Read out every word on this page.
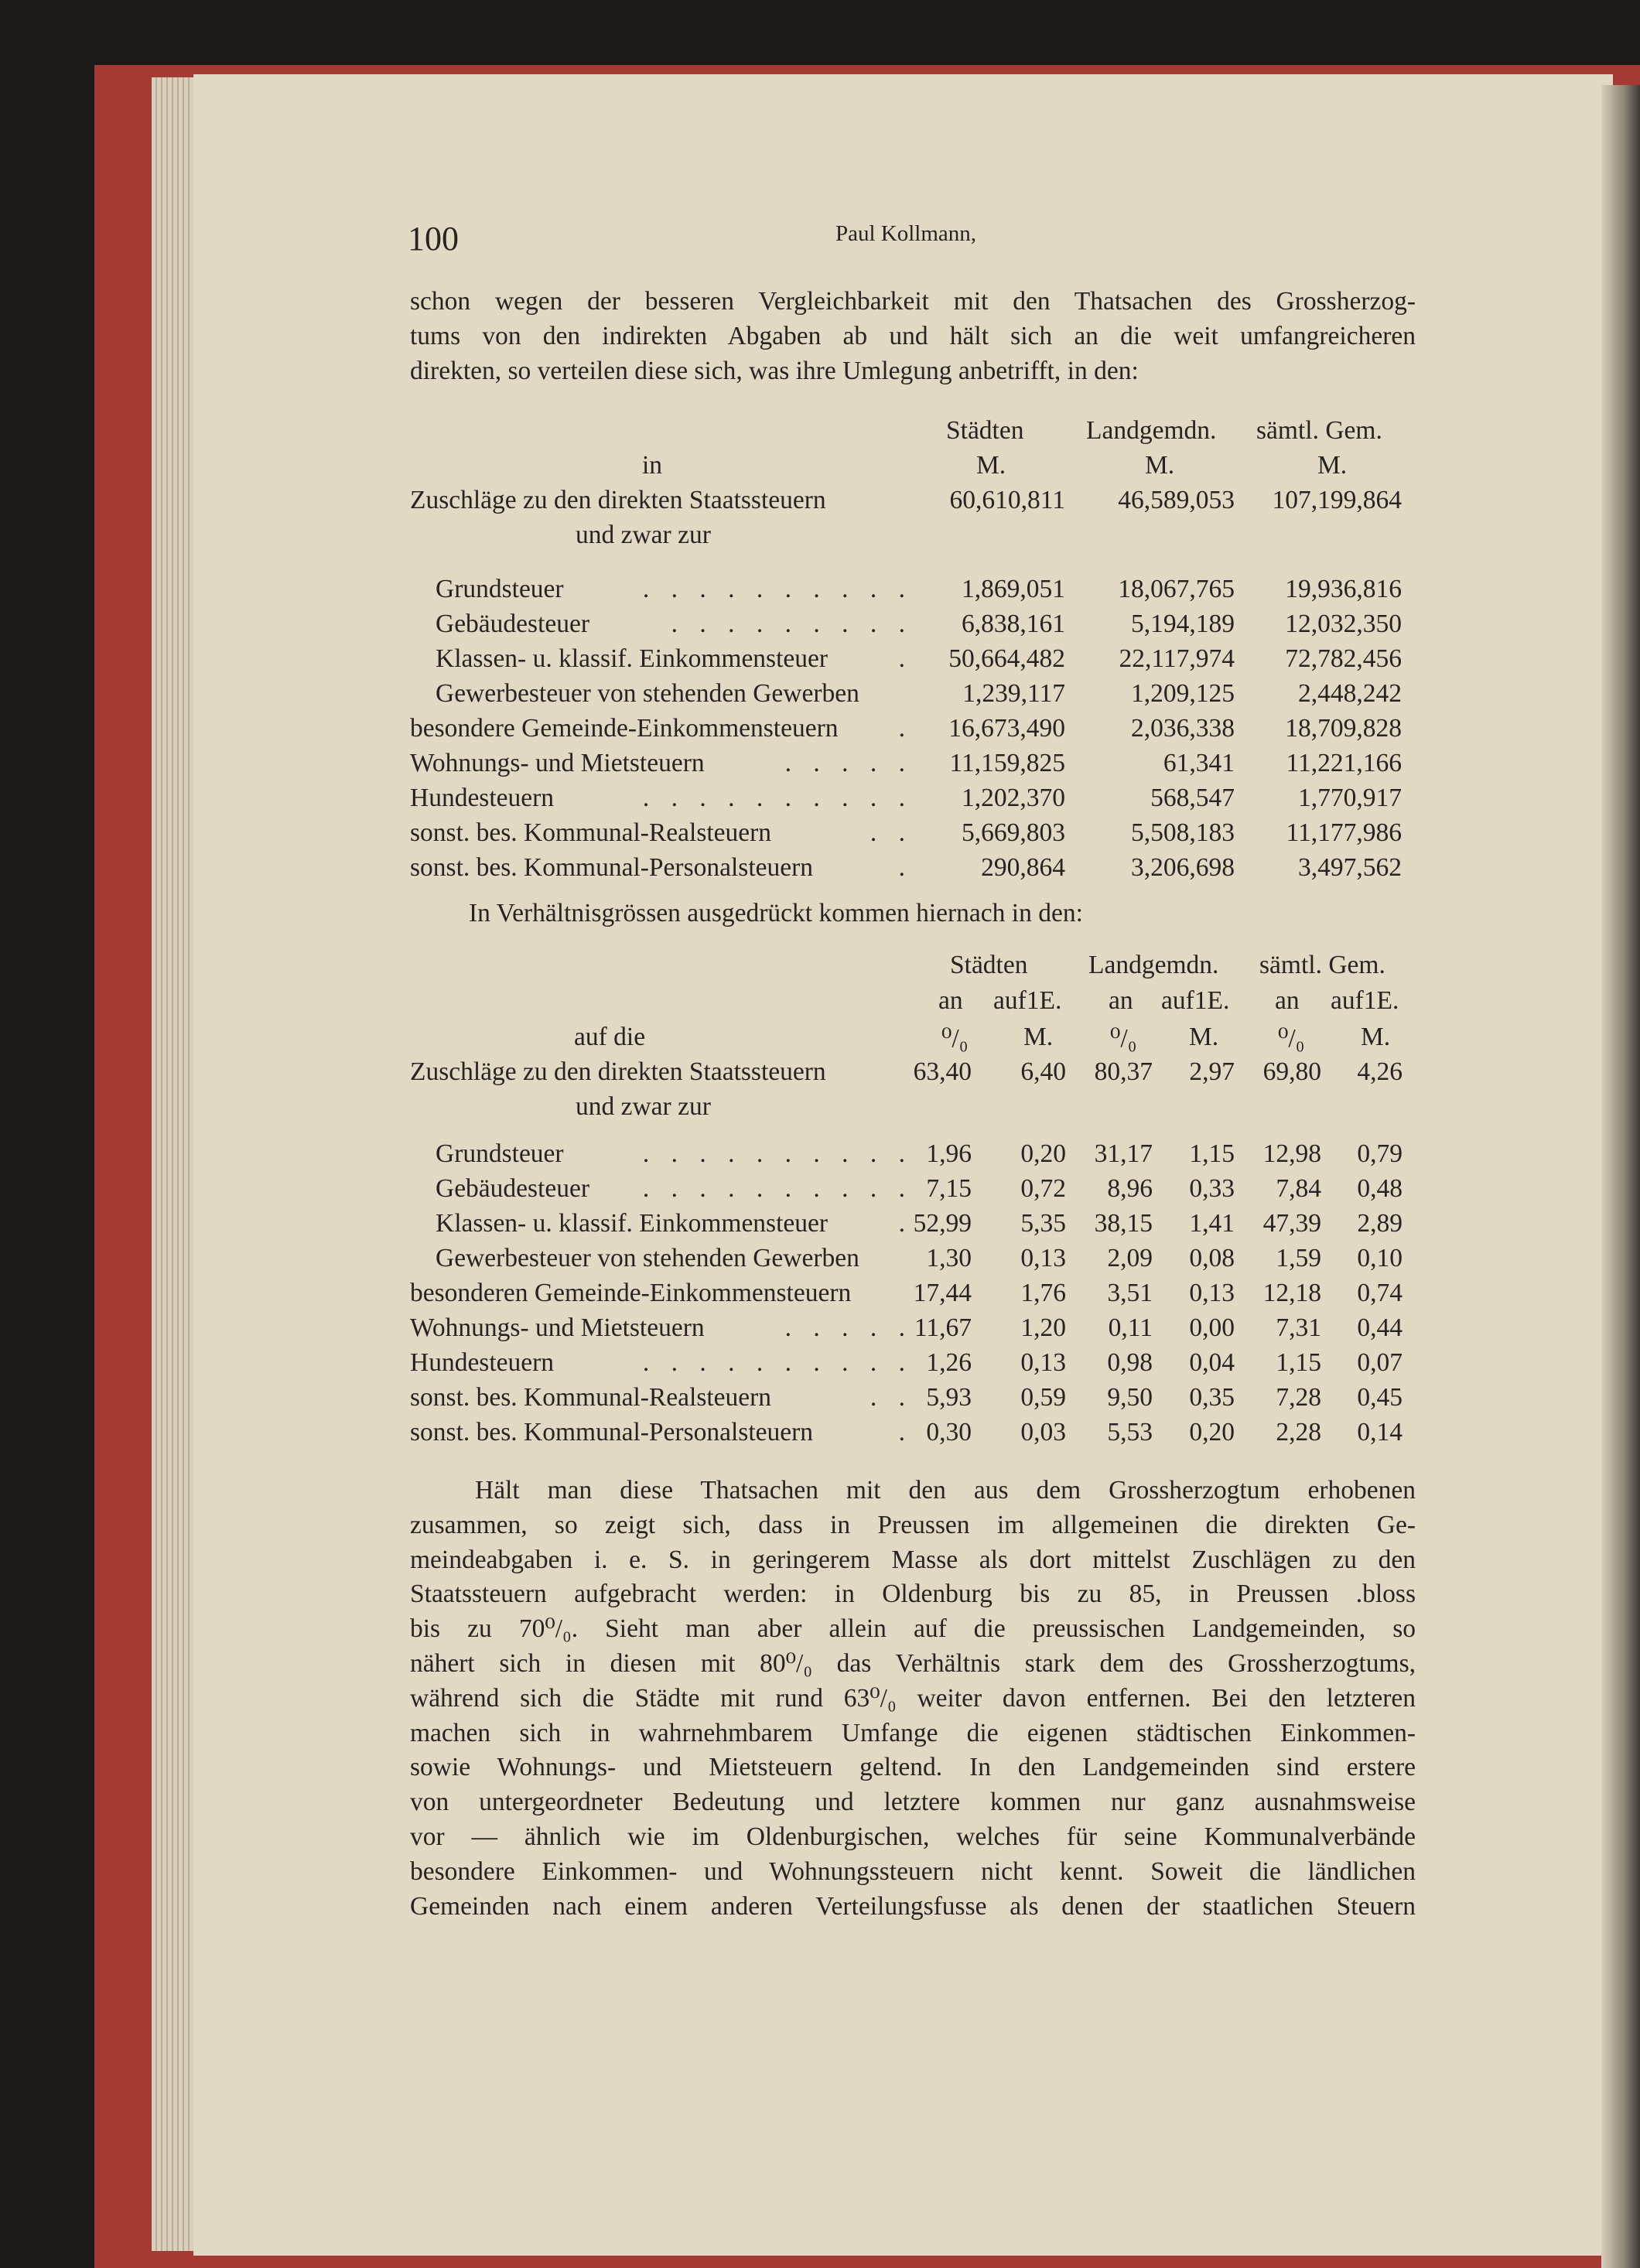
100	Paul Kollmann,
schon wegen der besseren Vergleichbarkeit mit den Thatsachen des Grossherzog-
tums von den indirekten Abgaben ab und hält sich an die weit umfangreicheren
direkten, so verteilen diese sich, was ihre Umlegung anbetrifft, in den:
Städten Landgemdn. sämtl. Gem.
in	M.	M.	M.
Zuschläge zu den direkten Staatssteuern	60,610,811 46,589,053 107,199,864
und zwar zur
Grundsteuer	. . . . . . . . . . 1,869,051 18,067,765 19,936,816
Gebäudesteuer	. . . . . . . . . 6,838,161	5,194,189 12,032,350
Klassen- u. klassif. Einkommensteuer	. 50,664,482 22,117,974 72,782,456
Gewerbesteuer von stehenden Gewerben	1,239,117	1,209,125 2,448,242
besondere Gemeinde-Einkommensteuern . 16,673,490	2,036,338 18,709,828
Wohnungs- und Mietsteuern	. . . . . 11,159,825	61,341 11,221,166
Hundesteuern	. . . . . . . . . . 1,202,370	568,547 1,770,917
sonst. bes. Kommunal-Realsteuern	. . 5,669,803	5,508,183 11,177,986
sonst. bes. Kommunal-Personalsteuern	.	290,864	3,206,698 3,497,562
In Verhältnisgrössen ausgedrückt kommen hiernach in den:
Städten Landgemdn. sämtl. Gem.
an auf1E. an auf1E. an auf1E.
auf die	⁰/₀ M. ⁰/₀ M. ⁰/₀ M.
Zuschläge zu den direkten Staatssteuern	63,40 6,40 80,37 2,97 69,80 4,26
und zwar zur
Grundsteuer	. . . . . . . . . . 1,96 0,20 31,17 1,15 12,98 0,79
Gebäudesteuer . . . . . . . . . . 7,15 0,72 8,96 0,33 7,84 0,48
Klassen- u. klassif. Einkommensteuer	. 52,99 5,35 38,15 1,41 47,39 2,89
Gewerbesteuer von stehenden Gewerben	1,30 0,13 2,09 0,08 1,59 0,10
besonderen Gemeinde-Einkommensteuern 17,44 1,76 3,51 0,13 12,18 0,74
Wohnungs- und Mietsteuern	. . . . . 11,67 1,20 0,11 0,00 7,31 0,44
Hundesteuern	. . . . . . . . . . 1,26 0,13 0,98 0,04 1,15 0,07
sonst. bes. Kommunal-Realsteuern	. . 5,93 0,59 9,50 0,35 7,28 0,45
sonst. bes. Kommunal-Personalsteuern	. 0,30 0,03 5,53 0,20 2,28 0,14
Hält man diese Thatsachen mit den aus dem Grossherzogtum erhobenen
zusammen, so zeigt sich, dass in Preussen im allgemeinen die direkten Ge-
meindeabgaben i. e. S. in geringerem Masse als dort mittelst Zuschlägen zu den
Staatssteuern aufgebracht werden: in Oldenburg bis zu 85, in Preussen .bloss
bis zu 70⁰/₀. Sieht man aber allein auf die preussischen Landgemeinden, so
nähert sich in diesen mit 80⁰/₀ das Verhältnis stark dem des Grossherzogtums,
während sich die Städte mit rund 63⁰/₀ weiter davon entfernen. Bei den letzteren
machen sich in wahrnehmbarem Umfange die eigenen städtischen Einkommen-
sowie Wohnungs- und Mietsteuern geltend. In den Landgemeinden sind erstere
von untergeordneter Bedeutung und letztere kommen nur ganz ausnahmsweise
vor — ähnlich wie im Oldenburgischen, welches für seine Kommunalverbände
besondere Einkommen- und Wohnungssteuern nicht kennt. Soweit die ländlichen
Gemeinden nach einem anderen Verteilungsfusse als denen der staatlichen Steuern
